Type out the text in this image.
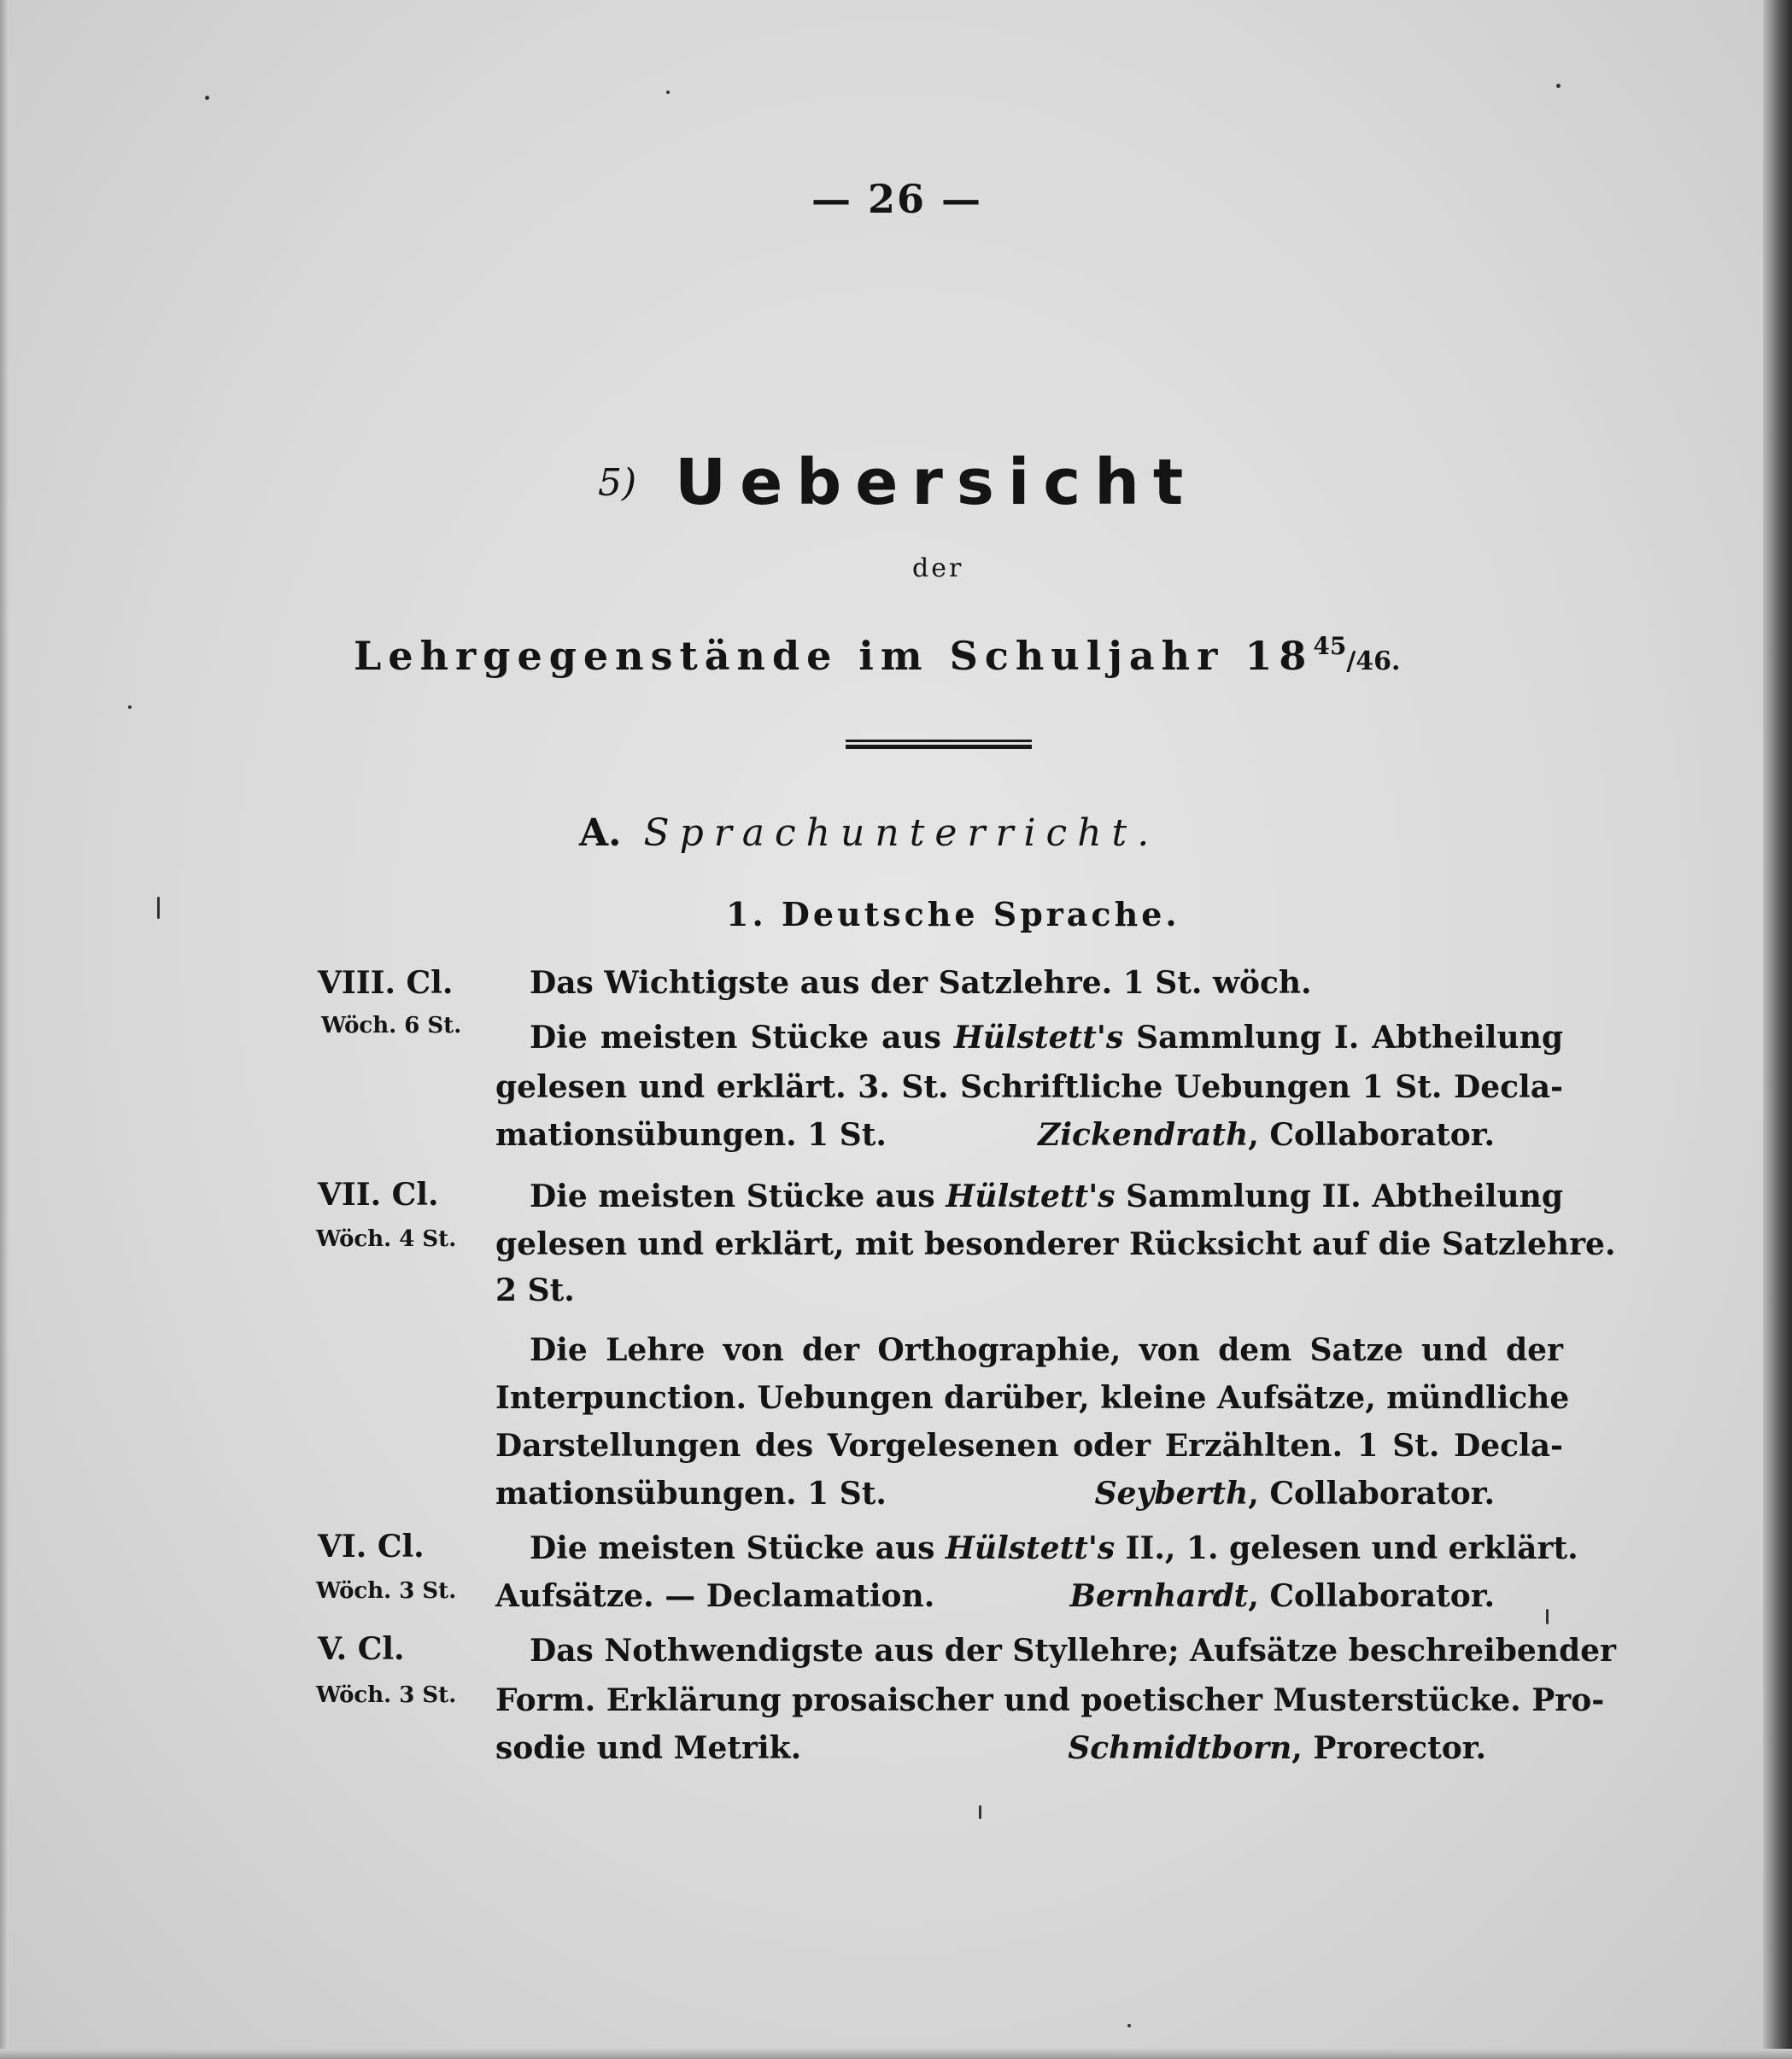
— 26 —
5) Uebersicht
der
Lehrgegenstände im Schuljahr $18^{45}/46$.
A. Sprachunterricht.
1. Deutsche Sprache.
VIII. Cl.
Wöch. 6 St.
Das Wichtigste aus der Satzlehre. 1 St. wöch.
Die meisten Stücke aus Hülstett's Sammlung I. Abtheilung
gelesen und erklärt. 3. St. Schriftliche Uebungen 1 St. Decla-
mationsübungen. 1 St.	Zickendrath, Collaborator.
VII. Cl.
Wöch. 4 St.
Die meisten Stücke aus Hülstett's Sammlung II. Abtheilung
gelesen und erklärt, mit besonderer Rücksicht auf die Satzlehre.
2 St.
Die Lehre von der Orthographie, von dem Satze und der
Interpunction. Uebungen darüber, kleine Aufsätze, mündliche
Darstellungen des Vorgelesenen oder Erzählten. 1 St. Decla-
mationsübungen. 1 St.	Seyberth, Collaborator.
VI. Cl.
Wöch. 3 St.
Die meisten Stücke aus Hülstett's II., 1. gelesen und erklärt.
Aufsätze. — Declamation.	Bernhardt, Collaborator.
V. Cl.
Wöch. 3 St.
Das Nothwendigste aus der Styllehre; Aufsätze beschreibender
Form. Erklärung prosaischer und poetischer Musterstücke. Pro-
sodie und Metrik.	Schmidtborn, Prorector.
